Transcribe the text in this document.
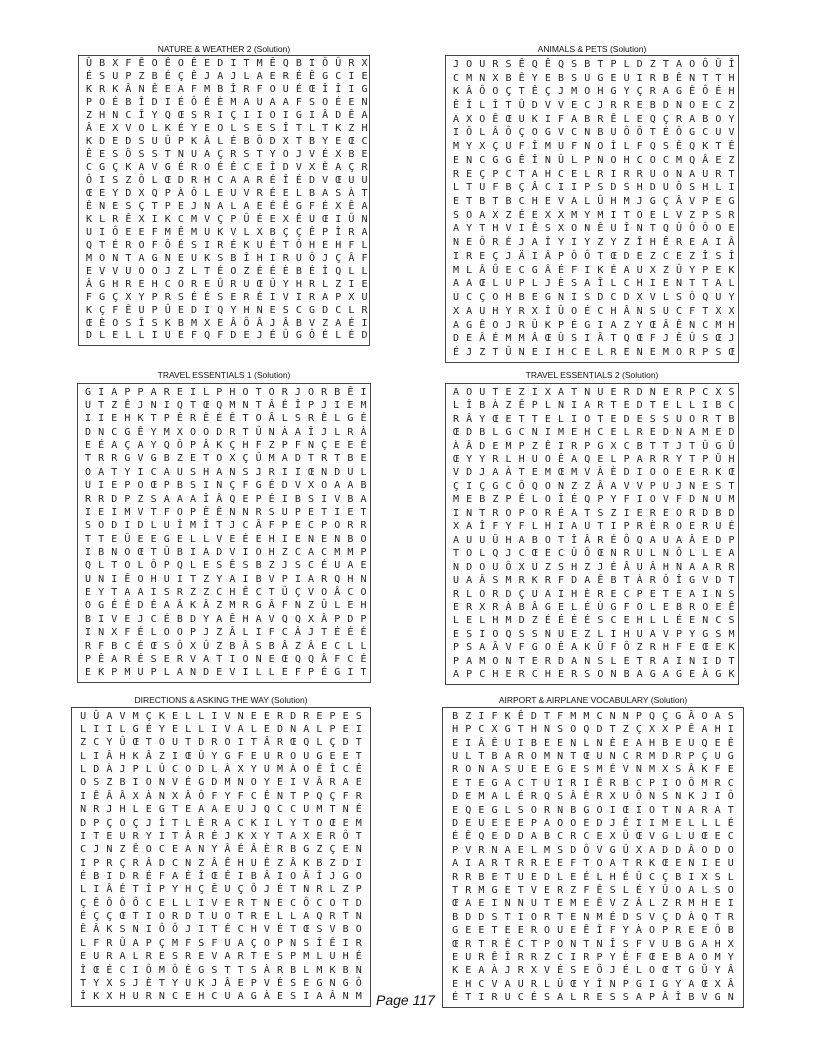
NATURE & WEATHER 2 (Solution)
ÛBXFÊOÊOÊEDITMÊQBIÔÛRX
ÉSUPZBÉÇÊJAJLAERÉÊGCIE
KRKÂNÊEAFMBÎRFOUÉŒÎÎIG
POÉBÎDIÉÔÉÈMAUAAFSOÉEN
ZHNCÎYQŒSRIÇIIOIGIÂDÊA
ÂEXVOLKÉYEOLSESÎTLTKZH
KDEDSUÛPKÂLÉBÔDXTBYEŒC
ÊESÔSSTNUAÇRSTYOJVÉXBE
CGÇKAVGÉROÉÉCEÎDVXÈAÇR
ÔISZÔLŒDRHCAARÉÎÉDVŒUU
ŒEYDXQPÀÔLEUVRÉELBASÀT
ÊNESÇTPEJNALAEÉÊGFÉXÊA
KLRÊXIKCMVÇPÛÉEXÊUŒIÛN
UIÔEEFMÊMUKVLXBÇÇÊPÎRA
QTÉROFÔÉSIRÉKUÉTÔHEHFL
MONTAGNEUKSBÎHIRUÔJÇÂF
EVVUOOJZLTÉOZÉÉÈBÉÎQLL
ÂGHREHCOREÛRUŒÛYHRLZIE
FGÇXYPRSÉÉSERÉIVIRAPXU
KÇFÊUPÛEDIQYHNESCGDCLR
ŒÈOSÎSKBMXEÂÔÂJÂBVZAÉI
DLELLIUEFQFDEJÉÛGÔÉLÉD
ANIMALS & PETS (Solution)
JOURSÊQÊQSBTPLDZTAOÔÛÎ
CMNXBÊYEBSUGEUIRBÊNTTH
KÂÔOÇTÊÇJMOHGYÇRAGÊÔÉH
ÊÎLÎTÛDVVECJRREBDNOECZ
AXOÊŒUKIFABRÊLEQÇRABOY
IÔLÂÔÇOGVCNBUÔÔTÉÔGCUV
MYXÇUFÎMUFNOÎLFQSÊQKTÊ
ENCGGÊÎNÛLPNOHCOCMQÂEZ
REÇPCTAHCELRIRRUONAURT
LTUFBÇÂCIIPSDSHDUÔSHLI
ETBTBCHEVALÛHMJGÇÂVPEG
SOAXZÉEXXMYMITOELVZPSR
AYTHVIÊSXONÊUÎNTQÛÔÔOE
NEÔRÉJAÎYIYZYZÎHÊREAIÂ
IREÇJÄIÂPÔÔTŒDEZCEZÎSÎ
MLÂÛECGÂÉFIKÉAUXZÛYPEK
AAŒLUPLJÈSAÎLCHIENTTAL
UCÇOHBEGNISDCDXVLSÔQUY
XAUHYRXÎÛOÉCHÂNSUCFTXX
AGÊOJRÛKPÉGIAZYŒÂÊNCMH
DEÂÉMMÂŒÛSIÂTQŒFJÊÛSŒJ
ÉJZTÛNEIHCELRENEMORPSŒ
TRAVEL ESSENTIALS 1 (Solution)
GIAPPAREILPHOTORJORBÊI
UTZÊJNIQTŒQMNTÂÉÎPJIEM
IIEHKTPÊRÊÉÊTOÂLSRÊLGÉ
DNCGÊYMXOODRTÛNÀAÎJLRÀ
EÉAÇAYQÔPÂKÇHFZPFNÇEEÉ
TRRGVGBZETOXÇÛMADTRTBE
OATYICAUSHANSJRIIŒNDUL
UIEPOŒPBSINÇFGÉDVXOAAB
RRDPZSAAAÎÂQEPÉIBSIVBA
IEIMVTFOPÊÊNNRSUPETIET
SODIDLUÎMÎTJCÂFPECPORR
TTEÛEEGELLVEÉEHIENENBO
IBNOŒTÛBIADVIOHZCACMMP
QLTOLÔPQLESÊSBZJSCÉUAE
UNIÊOHUITZYAIBVPIARQHN
EYTAAISRZZCHÊCTÛÇVOÂCO
OGÉÉDÉAÂKÂZMRGÂFNZÛLEH
BIVEJCÉBDYAÊHAVQQXÂPDP
INXFÉLOOPJZÂLIFCÂJTÉÉÉ
RFBCÉŒSÔXÛZBÂSBÂZÂECLL
PÊARÉSERVATIONEŒQQÂFCÉ
EKPMUPLANDEVILLEFPÉGIT
TRAVEL ESSENTIALS 2 (Solution)
AOUTEZIXATNUERDNERPCXS
LÎBÀZÊPLNIARTEDTELLIBC
RÂYŒETTELIOTEDESSUORTB
ŒDBLGCNIMEHCELREDNAMED
ÀÂDEMPZÊIRPGXCBTTJTÛGÛ
ŒYYRLHUOÊAQELPARRYTPÛH
VDJAÀTEMŒMVÀÈDIOOEERKŒ
ÇIÇGCÔQONZZÂAVVPUJNEST
MEBZPÊLOÎÉQPYFIOVFDNUM
INTROPORÉATSZIEREORDBD
XAÎFYFLHIAUTIPRÈROERUÉ
AUUÛHABOTÎÂRÉÔQAUAÂEDP
TOLQJCŒECÛÔŒNRULNÔLLEA
NDOUÔXUZSHZJÉÂUÂHNAARR
UAÂSMRKRFDAÊBTÀRÔÎGVDT
RLORDÇUAIHÈRECPETEAINS
ERXRÀBÂGELÉÙGFOLEBROEÊ
LELHMDZÉÉÉÉSCEHLLÉENCS
ESIOQSSNUEZLIHUAVPYGSM
PSAÂVFGOÊAKÛFÔZRHFEŒEK
PAMONTERDANSLETRAINIDT
APCHERCHERSONBAGAGEÀGK
DIRECTIONS & ASKING THE WAY (Solution)
UÛAVMÇKELLIVNEERDREPES
LIILGÉYELLIVALEDNALPEI
ZCYÛŒTOUTDROITÂRŒQLÇDT
LIÂHKÂZIŒÛYGFEUROUGEET
LDÀJPLÛCODLÀXYUMÀOÊÎCÊ
OSZBIONVÉGDMNOYEIVÂRAE
IÊÂÂXÀNXÂÔFYFCÊNTPQÇFR
NRJHLEGTEAAEUJQCCUMTNÉ
DPÇOÇJÎTLÈRACKILYTOŒEM
ITEURYITÂRÉJKXYTAXERÔT
CJNZÊOCEANYÂÉÂÈRBGZÇEN
IPRÇRÂDCNZÂÊHUÊZÂKBZDI
ÉBIDRÉFAÉÎŒÉIBÂIOÂÎJGO
LIÂÉTÎPYHÇÊUÇÔJÉTNRLZP
ÇÊÔÔÔCELLIVERTNECÔCOTD
ÉÇÇŒTIORDTUOTRELLAQRTN
ÊÂKSNIÔÔJITÉCHVÉTŒSVBO
LFRÛAPÇMFSFUAÇOPNSÎÊIR
EURALRESREVARTESPMLUHÉ
ÎŒÉCIÔMÔÉGSTTSÀRBLMKBN
TYXSJÈTYUKJÂEPVÉSEGNGÔ
ÎKXHURNCEHCUAGÀESIAÂNM
AIRPORT & AIRPLANE VOCABULARY (Solution)
BZIFKÊDTFMMCNNPQÇGÂOAS
HPCXGTHNSOQDTZÇXXPÊAHI
EIÂÊUIBEENLNÈEAHBEUQEÊ
ULTBAROMNTŒUNCRMDRPÇUG
RONASUEEGESMÉVNMXSÂKFE
ETEGACTUIRIÊRBCPIOÔMRC
DEMALÉRQSÂÈRXUÔNSNKJIÔ
EQEGLSORNBGOIŒIOTNARAT
DEUEEEPAOOEDJÊIIMELLLÉ
ÉÊQEDDABCRCEXÛŒVGLUŒEC
PVRNAELMSDÔVGÛXADDÂODO
AIARTRREEFTOATRKŒENIEU
RRBETUEDLEÉLHÉÛCÇBIXSL
TRMGETVERZFÊSLÉYÛOALSO
ŒAEINNUTEMEÊVZÂLZRMHEI
BDDSTIORTENMÉDSVÇDÀQTR
GEETEEROUEÊÎFYÀOPREEÔB
ŒRTRÉCTPONTNÎSFVUBGAHX
EURÊÎRRZCIRPYÈFŒEBAOMY
KEAÀJRXVÉSEÔJÉLOŒTGÛYÂ
EHCVAURLÛŒYÎNPGIGYAŒXÂ
ÉTIRUCÉSALRESSAPÂÎBVGN
Page 117
